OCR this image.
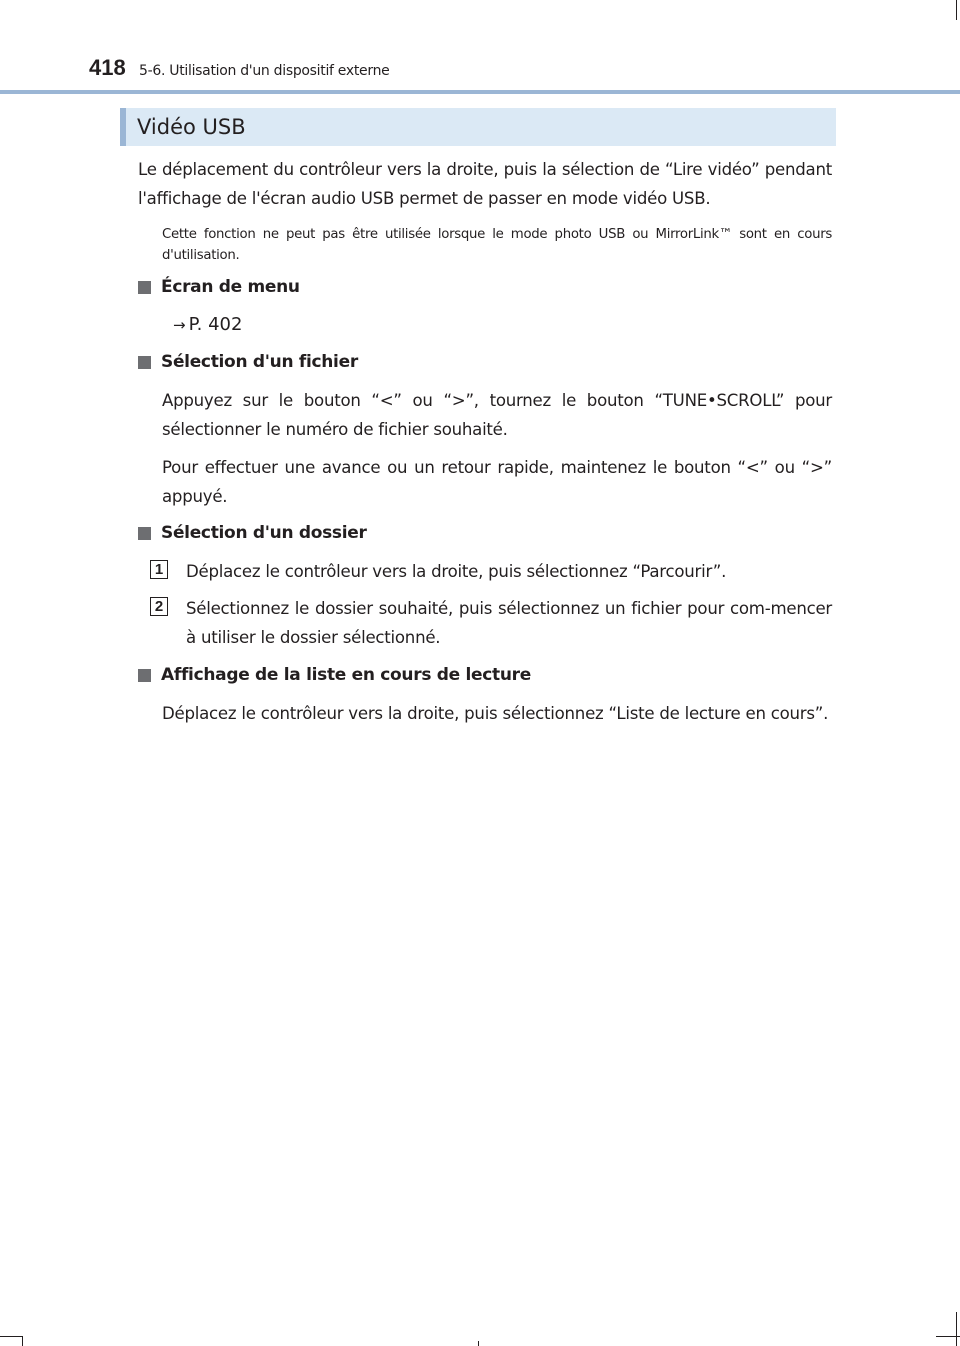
418 5-6. Utilisation d'un dispositif externe
Vidéo USB
Le déplacement du contrôleur vers la droite, puis la sélection de “Lire vidéo” pendant l'affichage de l'écran audio USB permet de passer en mode vidéo USB.
Cette fonction ne peut pas être utilisée lorsque le mode photo USB ou MirrorLink™ sont en cours d'utilisation.
Écran de menu
→ P. 402
Sélection d'un fichier
Appuyez sur le bouton “<” ou “>”, tournez le bouton “TUNE•SCROLL” pour sélectionner le numéro de fichier souhaité.
Pour effectuer une avance ou un retour rapide, maintenez le bouton “<” ou “>” appuyé.
Sélection d'un dossier
1 Déplacez le contrôleur vers la droite, puis sélectionnez “Parcourir”.
2 Sélectionnez le dossier souhaité, puis sélectionnez un fichier pour com-mencer à utiliser le dossier sélectionné.
Affichage de la liste en cours de lecture
Déplacez le contrôleur vers la droite, puis sélectionnez “Liste de lecture en cours”.
